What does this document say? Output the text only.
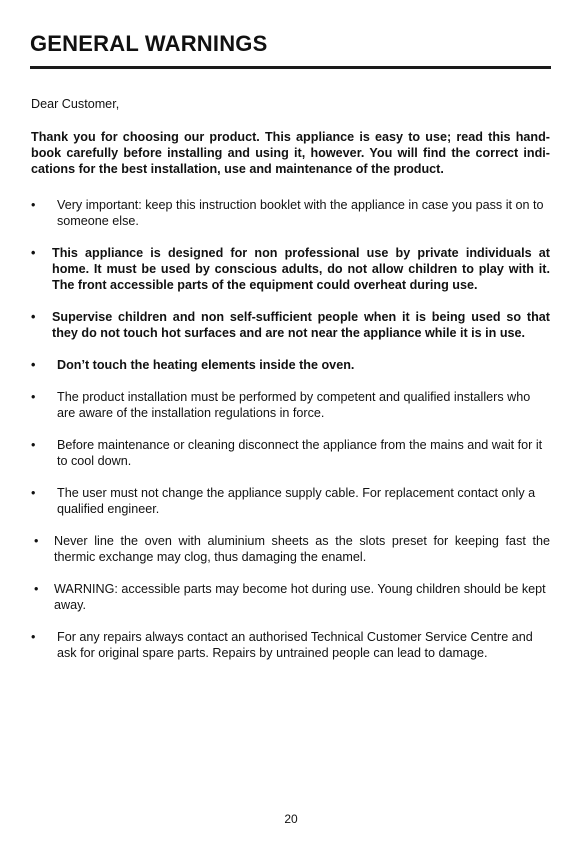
GENERAL WARNINGS

Dear Customer,

Thank you for choosing our product. This appliance is easy to use; read this hand-book carefully before installing and using it, however. You will find the correct indi-cations for the best installation, use and maintenance of the product.

•	Very important: keep this instruction booklet with the appliance in case you pass it on to someone else.
•	This appliance is designed for non professional use by private individuals at home. It must be used by conscious adults, do not allow children to play with it. The front accessible parts of the equipment could overheat during use.
•	Supervise children and non self-sufficient people when it is being used so that they do not touch hot surfaces and are not near the appliance while it is in use.
•	Don’t touch the heating elements inside the oven.
•	The product installation must be performed by competent and qualified installers who are aware of the installation regulations in force.
•	Before maintenance or cleaning disconnect the appliance from the mains and wait for it to cool down.
•	The user must not change the appliance supply cable. For replacement contact only a qualified engineer.
•	Never line the oven with aluminium sheets as the slots preset for keeping fast the thermic exchange may clog, thus damaging the enamel.
•	WARNING: accessible parts may become hot during use. Young children should be kept away.
•	For any repairs always contact an authorised Technical Customer Service Centre and ask for original spare parts. Repairs by untrained people can lead to damage.
20
